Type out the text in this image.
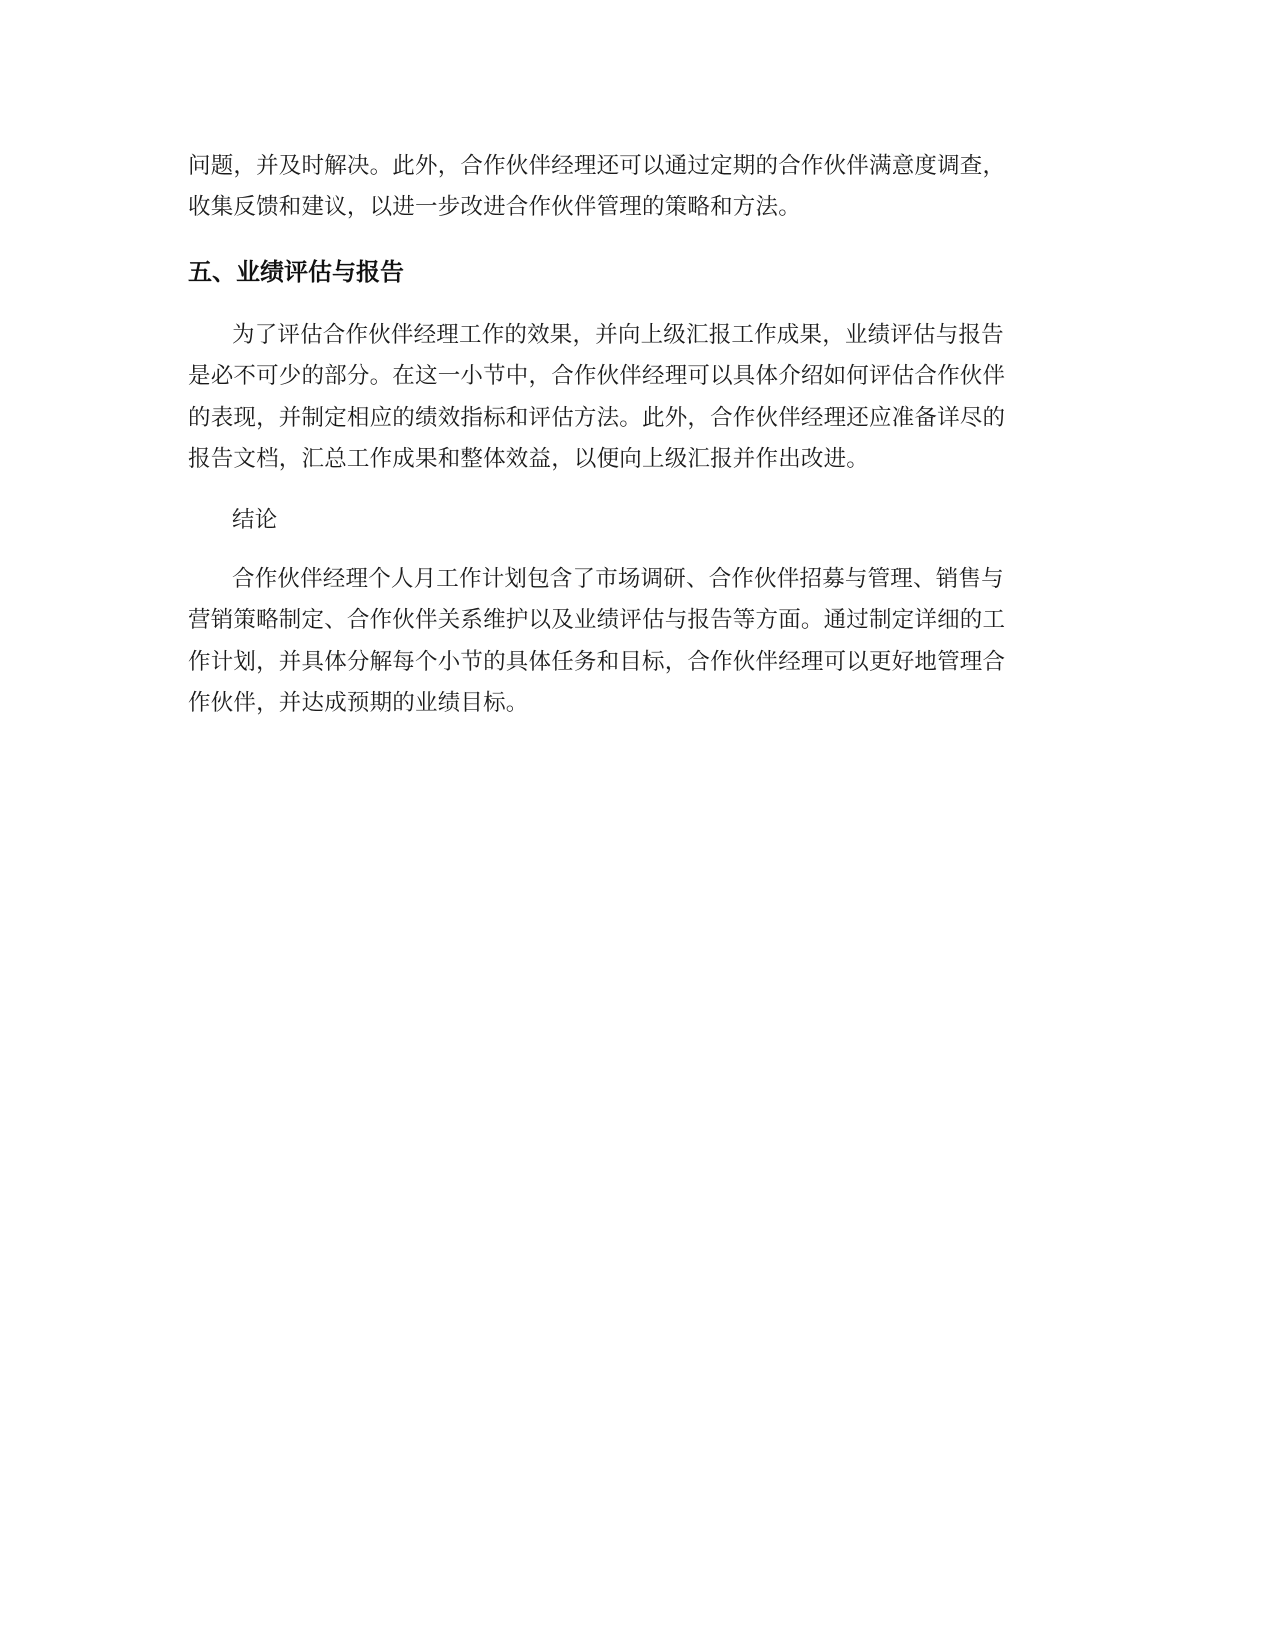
问题，并及时解决。此外，合作伙伴经理还可以通过定期的合作伙伴满意度调查，
收集反馈和建议，以进一步改进合作伙伴管理的策略和方法。
五、业绩评估与报告
为了评估合作伙伴经理工作的效果，并向上级汇报工作成果，业绩评估与报告
是必不可少的部分。在这一小节中，合作伙伴经理可以具体介绍如何评估合作伙伴
的表现，并制定相应的绩效指标和评估方法。此外，合作伙伴经理还应准备详尽的
报告文档，汇总工作成果和整体效益，以便向上级汇报并作出改进。
结论
合作伙伴经理个人月工作计划包含了市场调研、合作伙伴招募与管理、销售与
营销策略制定、合作伙伴关系维护以及业绩评估与报告等方面。通过制定详细的工
作计划，并具体分解每个小节的具体任务和目标，合作伙伴经理可以更好地管理合
作伙伴，并达成预期的业绩目标。
